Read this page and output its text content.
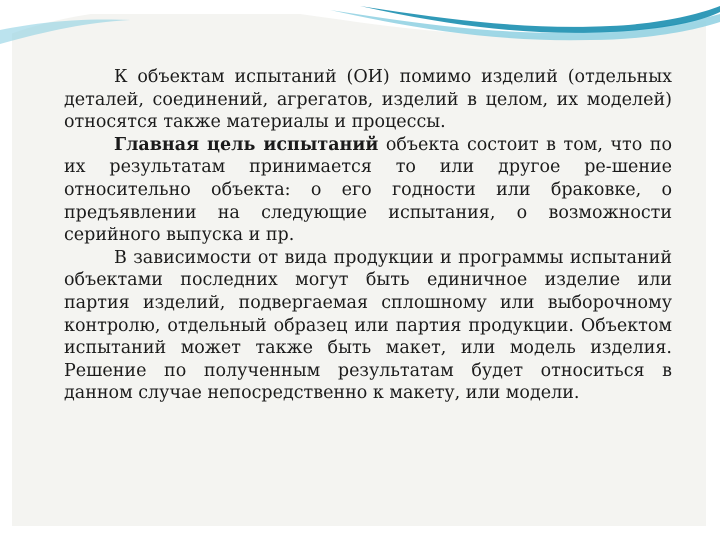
К объектам испытаний (ОИ) помимо изделий (отдельных деталей, соединений, агрегатов, изделий в целом, их моделей) относятся также материалы и процессы.

Главная цель испытаний объекта состоит в том, что по их результатам принимается то или другое ре-шение относительно объекта: о его годности или браковке, о предъявлении на следующие испытания, о возможности серийного выпуска и пр.

В зависимости от вида продукции и программы испытаний объектами последних могут быть единичное изделие или партия изделий, подвергаемая сплошному или выборочному контролю, отдельный образец или партия продукции. Объектом испытаний может также быть макет, или модель изделия. Решение по полученным результатам будет относиться в данном случае непосредственно к макету, или модели.
